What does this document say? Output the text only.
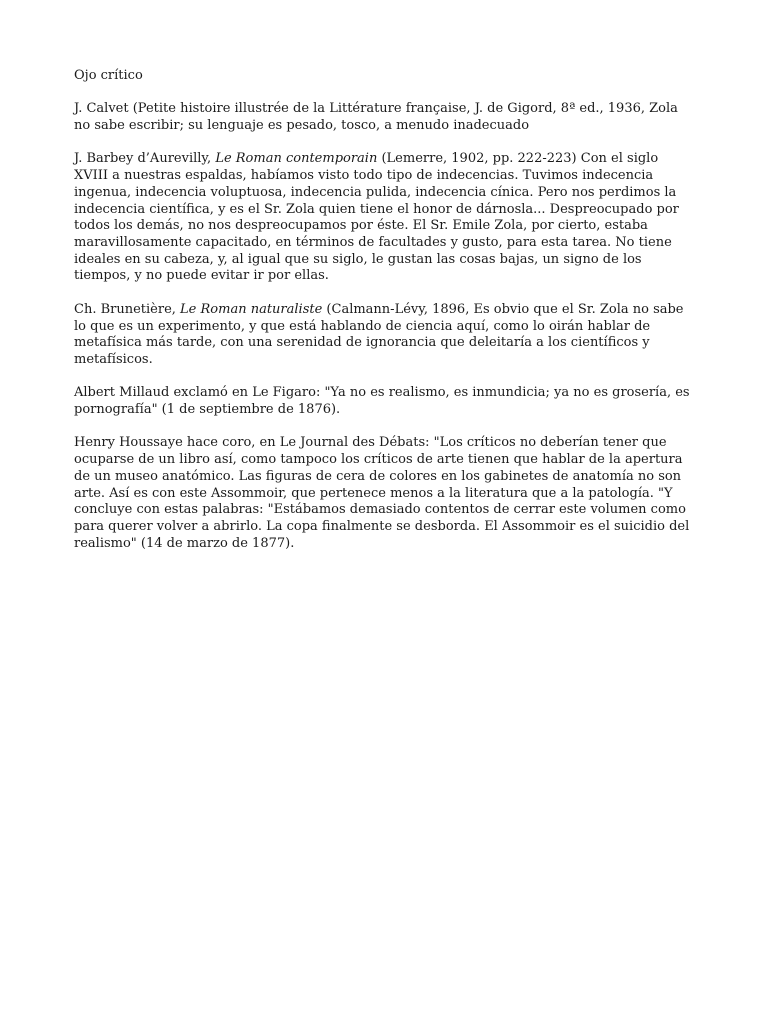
Ojo crítico

J. Calvet (Petite histoire illustrée de la Littérature française, J. de Gigord, 8ª ed., 1936, Zola no sabe escribir; su lenguaje es pesado, tosco, a menudo inadecuado

J. Barbey d’Aurevilly, Le Roman contemporain (Lemerre, 1902, pp. 222-223) Con el siglo XVIII a nuestras espaldas, habíamos visto todo tipo de indecencias. Tuvimos indecencia ingenua, indecencia voluptuosa, indecencia pulida, indecencia cínica. Pero nos perdimos la indecencia científica, y es el Sr. Zola quien tiene el honor de dárnosla... Despreocupado por todos los demás, no nos despreocupamos por éste. El Sr. Emile Zola, por cierto, estaba maravillosamente capacitado, en términos de facultades y gusto, para esta tarea. No tiene ideales en su cabeza, y, al igual que su siglo, le gustan las cosas bajas, un signo de los tiempos, y no puede evitar ir por ellas.

Ch. Brunetière, Le Roman naturaliste (Calmann-Lévy, 1896, Es obvio que el Sr. Zola no sabe lo que es un experimento, y que está hablando de ciencia aquí, como lo oirán hablar de metafísica más tarde, con una serenidad de ignorancia que deleitaría a los científicos y metafísicos.

Albert Millaud exclamó en Le Figaro: "Ya no es realismo, es inmundicia; ya no es grosería, es pornografía" (1 de septiembre de 1876).

Henry Houssaye hace coro, en Le Journal des Débats: "Los críticos no deberían tener que ocuparse de un libro así, como tampoco los críticos de arte tienen que hablar de la apertura de un museo anatómico. Las figuras de cera de colores en los gabinetes de anatomía no son arte. Así es con este Assommoir, que pertenece menos a la literatura que a la patología. "Y concluye con estas palabras: "Estábamos demasiado contentos de cerrar este volumen como para querer volver a abrirlo. La copa finalmente se desborda. El Assommoir es el suicidio del realismo" (14 de marzo de 1877).
